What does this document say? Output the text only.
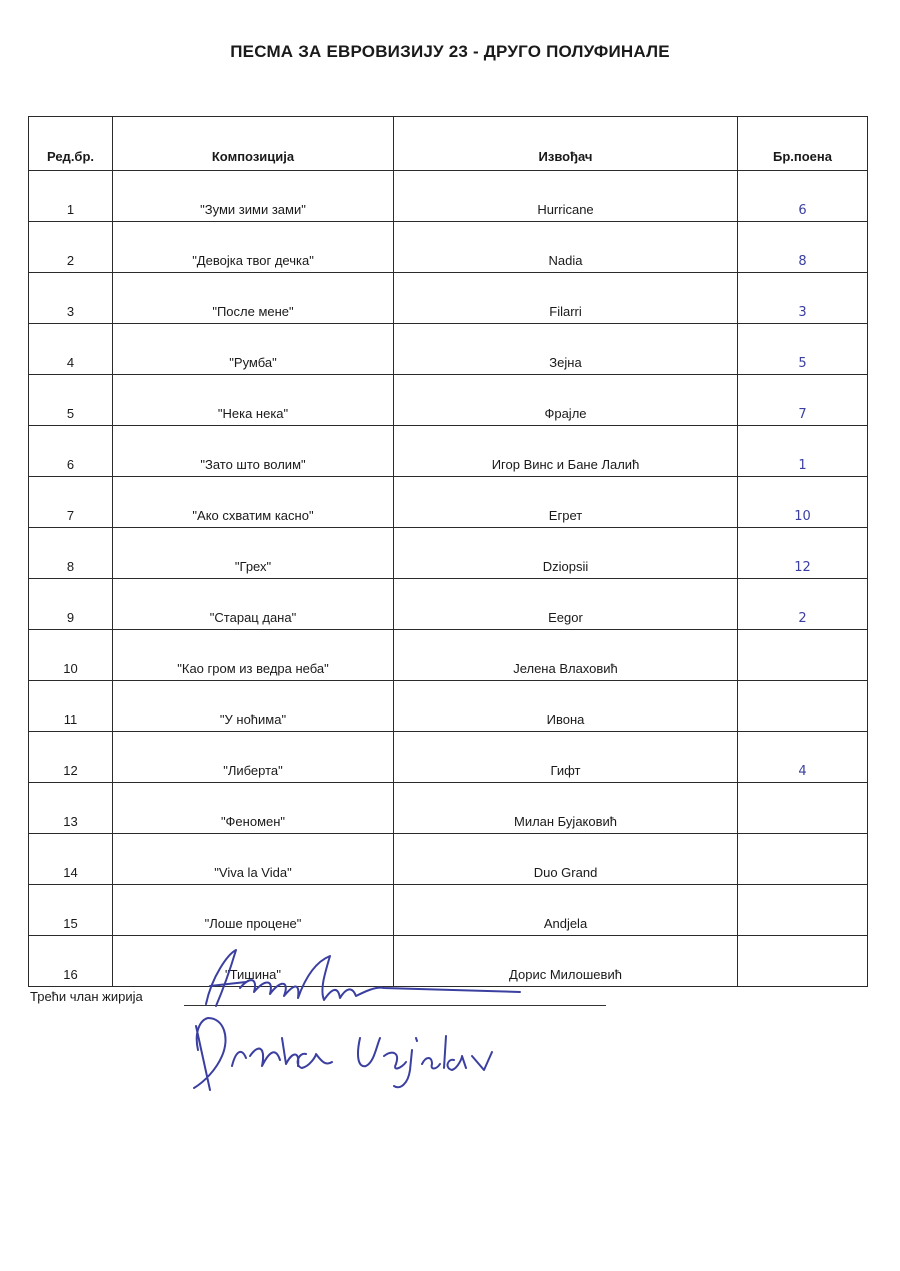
ПЕСМА ЗА ЕВРОВИЗИЈУ 23 - ДРУГО ПОЛУФИНАЛЕ
Ред.бр.	Композиција	Извођач	Бр.поена
1	"Зуми зими зами"	Hurricane	6
2	"Девојка твог дечка"	Nadia	8
3	"После мене"	Filarri	3
4	"Румба"	Зејна	5
5	"Нека нека"	Фрајле	7
6	"Зато што волим"	Игор Винс и Бане Лалић	1
7	"Ако схватим касно"	Егрет	10
8	"Грех"	Dziopsii	12
9	"Старац дана"	Eegor	2
10	"Као гром из ведра неба"	Јелена Влаховић	
11	"У ноћима"	Ивона	
12	"Либерта"	Гифт	4
13	"Феномен"	Милан Бујаковић	
14	"Viva la Vida"	Duo Grand	
15	"Лоше процене"	Andjela	
16	"Тишина"	Дорис Милошевић	
Трећи члан жирија
